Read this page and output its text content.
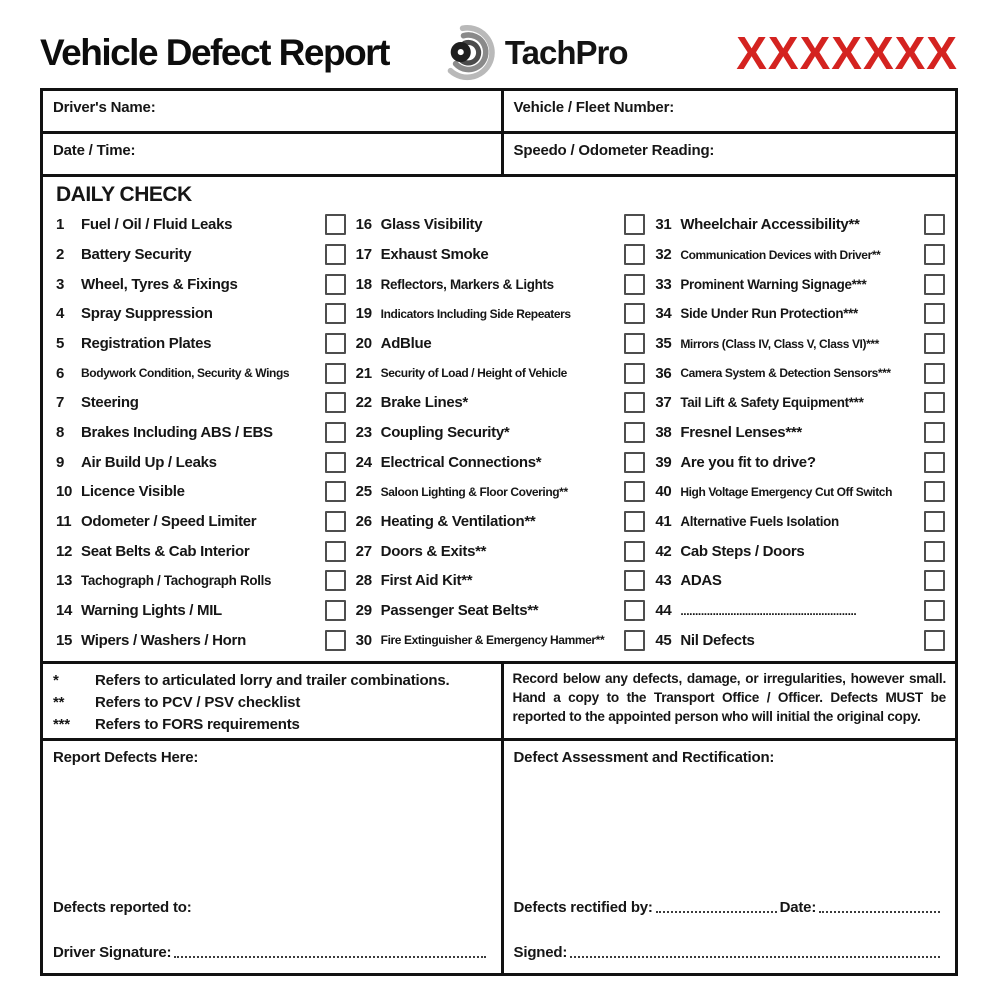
Vehicle Defect Report	TachPro XXXXXXX
Driver's Name:	Vehicle / Fleet Number:
Date / Time:	Speedo / Odometer Reading:
DAILY CHECK
1	Fuel / Oil / Fluid Leaks
2	Battery Security
3	Wheel, Tyres & Fixings
4	Spray Suppression
5	Registration Plates
6	Bodywork Condition, Security & Wings
7	Steering
8	Brakes Including ABS / EBS
9	Air Build Up / Leaks
10 Licence Visible
11 Odometer / Speed Limiter
12 Seat Belts & Cab Interior
13 Tachograph / Tachograph Rolls
14 Warning Lights / MIL
15 Wipers / Washers / Horn
16 Glass Visibility
17 Exhaust Smoke
18 Reflectors, Markers & Lights
19 Indicators Including Side Repeaters
20 AdBlue
21 Security of Load / Height of Vehicle
22 Brake Lines*
23 Coupling Security*
24 Electrical Connections*
25 Saloon Lighting & Floor Covering**
26 Heating & Ventilation**
27 Doors & Exits**
28 First Aid Kit**
29 Passenger Seat Belts**
30 Fire Extinguisher & Emergency Hammer**
31 Wheelchair Accessibility**
32 Communication Devices with Driver**
33 Prominent Warning Signage***
34 Side Under Run Protection***
35 Mirrors (Class IV, Class V, Class VI)***
36 Camera System & Detection Sensors***
37 Tail Lift & Safety Equipment***
38 Fresnel Lenses***
39 Are you fit to drive?
40 High Voltage Emergency Cut Off Switch
41 Alternative Fuels Isolation
42 Cab Steps / Doors
43 ADAS
44 ............................................................
45 Nil Defects
*	Refers to articulated lorry and trailer combinations.
**	Refers to PCV / PSV checklist
***	Refers to FORS requirements
Record below any defects, damage, or irregularities, however small. Hand a copy to the Transport Office / Officer. Defects MUST be reported to the appointed person who will initial the original copy.
Report Defects Here:
Defects reported to:
Driver Signature:
Defect Assessment and Rectification:
Defects rectified by:	Date:
Signed:
